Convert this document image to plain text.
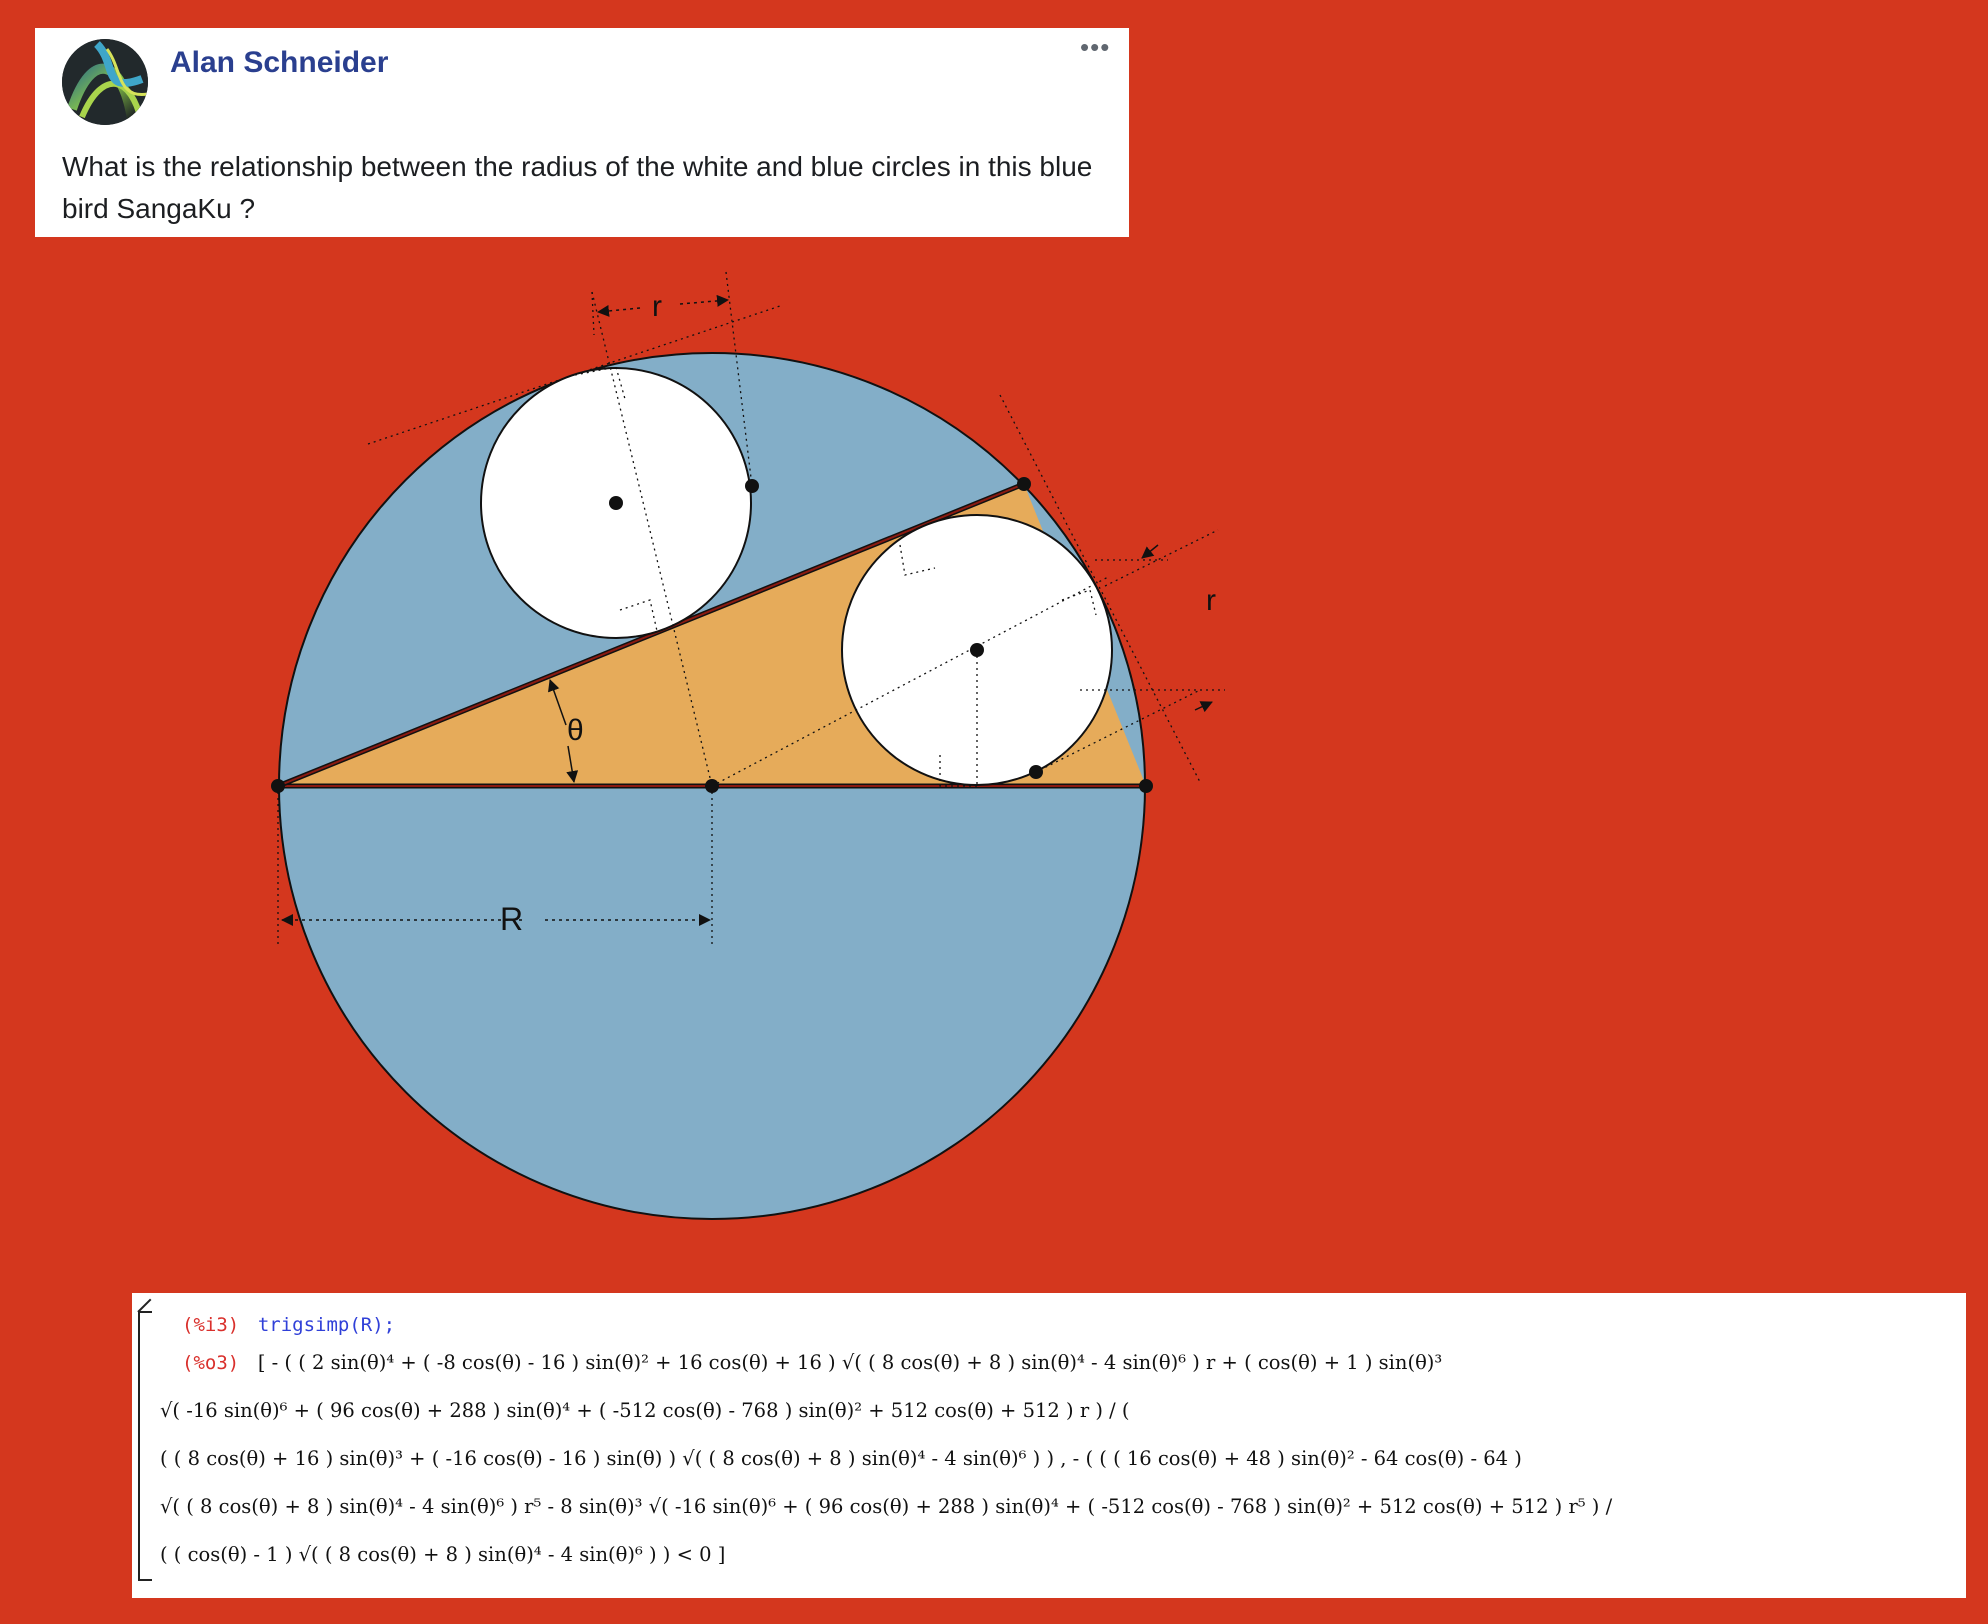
Alan Schneider	•••
What is the relationship between the radius of the white and blue circles in this blue bird SangaKu ?
r
r
θ
R
(%i3) trigsimp(R);
(%o3) [ - ( ( 2 sin(θ)⁴ + ( -8 cos(θ) - 16 ) sin(θ)² + 16 cos(θ) + 16 ) √( ( 8 cos(θ) + 8 ) sin(θ)⁴ - 4 sin(θ)⁶ ) r + ( cos(θ) + 1 ) sin(θ)³
√( -16 sin(θ)⁶ + ( 96 cos(θ) + 288 ) sin(θ)⁴ + ( -512 cos(θ) - 768 ) sin(θ)² + 512 cos(θ) + 512 ) r ) / (
( ( 8 cos(θ) + 16 ) sin(θ)³ + ( -16 cos(θ) - 16 ) sin(θ) ) √( ( 8 cos(θ) + 8 ) sin(θ)⁴ - 4 sin(θ)⁶ ) ) , - ( ( ( 16 cos(θ) + 48 ) sin(θ)² - 64 cos(θ) - 64 )
√( ( 8 cos(θ) + 8 ) sin(θ)⁴ - 4 sin(θ)⁶ ) r⁵ - 8 sin(θ)³ √( -16 sin(θ)⁶ + ( 96 cos(θ) + 288 ) sin(θ)⁴ + ( -512 cos(θ) - 768 ) sin(θ)² + 512 cos(θ) + 512 ) r⁵ ) /
( ( cos(θ) - 1 ) √( ( 8 cos(θ) + 8 ) sin(θ)⁴ - 4 sin(θ)⁶ ) ) < 0 ]
